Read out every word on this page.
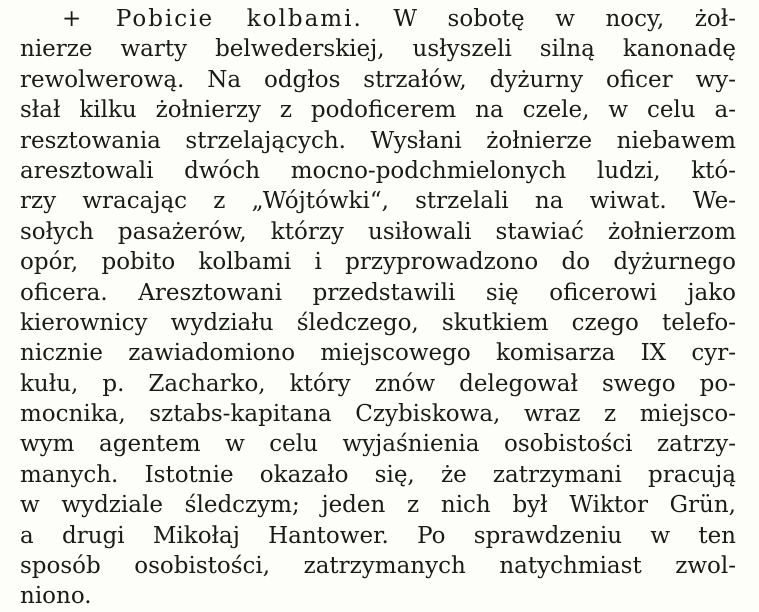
+ Pobicie kolbami. W sobotę w nocy, żoł-
nierze warty belwederskiej, usłyszeli silną kanonadę
rewolwerową. Na odgłos strzałów, dyżurny oficer wy-
słał kilku żołnierzy z podoficerem na czele, w celu a-
resztowania strzelających. Wysłani żołnierze niebawem
aresztowali dwóch mocno-podchmielonych ludzi, któ-
rzy wracając z „Wójtówki“, strzelali na wiwat. We-
sołych pasażerów, którzy usiłowali stawiać żołnierzom
opór, pobito kolbami i przyprowadzono do dyżurnego
oficera. Aresztowani przedstawili się oficerowi jako
kierownicy wydziału śledczego, skutkiem czego telefo-
nicznie zawiadomiono miejscowego komisarza IX cyr-
kułu, p. Zacharko, który znów delegował swego po-
mocnika, sztabs-kapitana Czybiskowa, wraz z miejsco-
wym agentem w celu wyjaśnienia osobistości zatrzy-
manych. Istotnie okazało się, że zatrzymani pracują
w wydziale śledczym; jeden z nich był Wiktor Grün,
a drugi Mikołaj Hantower. Po sprawdzeniu w ten
sposób osobistości, zatrzymanych natychmiast zwol-
niono.
